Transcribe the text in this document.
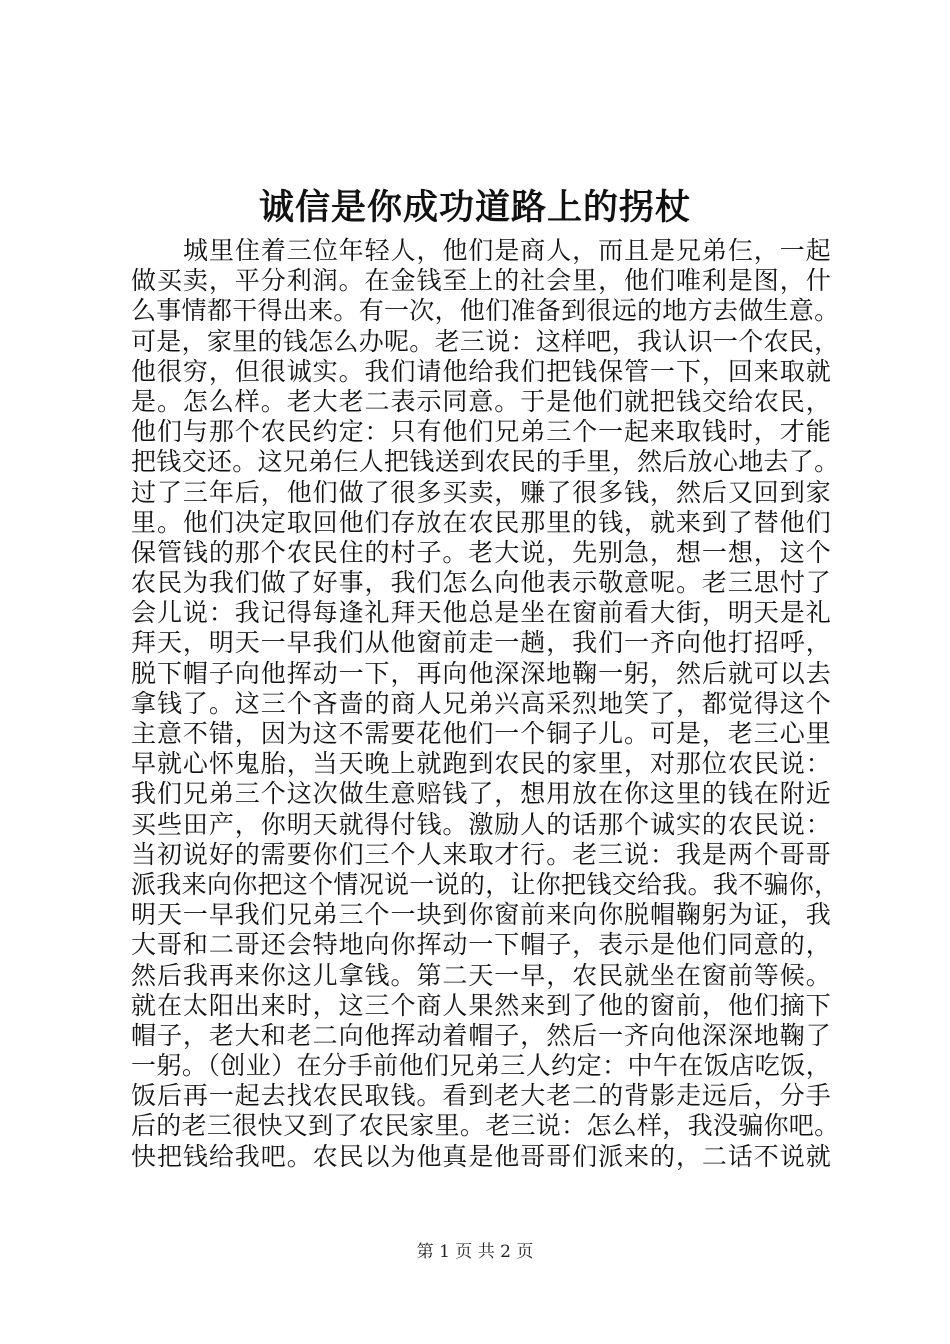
诚信是你成功道路上的拐杖
城里住着三位年轻人，他们是商人，而且是兄弟仨，一起
做买卖，平分利润。在金钱至上的社会里，他们唯利是图，什
么事情都干得出来。有一次，他们准备到很远的地方去做生意。
可是，家里的钱怎么办呢。老三说：这样吧，我认识一个农民，
他很穷，但很诚实。我们请他给我们把钱保管一下，回来取就
是。怎么样。老大老二表示同意。于是他们就把钱交给农民，
他们与那个农民约定：只有他们兄弟三个一起来取钱时，才能
把钱交还。这兄弟仨人把钱送到农民的手里，然后放心地去了。
过了三年后，他们做了很多买卖，赚了很多钱，然后又回到家
里。他们决定取回他们存放在农民那里的钱，就来到了替他们
保管钱的那个农民住的村子。老大说，先别急，想一想，这个
农民为我们做了好事，我们怎么向他表示敬意呢。老三思忖了
会儿说：我记得每逢礼拜天他总是坐在窗前看大街，明天是礼
拜天，明天一早我们从他窗前走一趟，我们一齐向他打招呼，
脱下帽子向他挥动一下，再向他深深地鞠一躬，然后就可以去
拿钱了。这三个吝啬的商人兄弟兴高采烈地笑了，都觉得这个
主意不错，因为这不需要花他们一个铜子儿。可是，老三心里
早就心怀鬼胎，当天晚上就跑到农民的家里，对那位农民说：
我们兄弟三个这次做生意赔钱了，想用放在你这里的钱在附近
买些田产，你明天就得付钱。激励人的话那个诚实的农民说：
当初说好的需要你们三个人来取才行。老三说：我是两个哥哥
派我来向你把这个情况说一说的，让你把钱交给我。我不骗你，
明天一早我们兄弟三个一块到你窗前来向你脱帽鞠躬为证，我
大哥和二哥还会特地向你挥动一下帽子，表示是他们同意的，
然后我再来你这儿拿钱。第二天一早，农民就坐在窗前等候。
就在太阳出来时，这三个商人果然来到了他的窗前，他们摘下
帽子，老大和老二向他挥动着帽子，然后一齐向他深深地鞠了
一躬。（创业）在分手前他们兄弟三人约定：中午在饭店吃饭，
饭后再一起去找农民取钱。看到老大老二的背影走远后，分手
后的老三很快又到了农民家里。老三说：怎么样，我没骗你吧。
快把钱给我吧。农民以为他真是他哥哥们派来的，二话不说就
第 1 页 共 2 页
